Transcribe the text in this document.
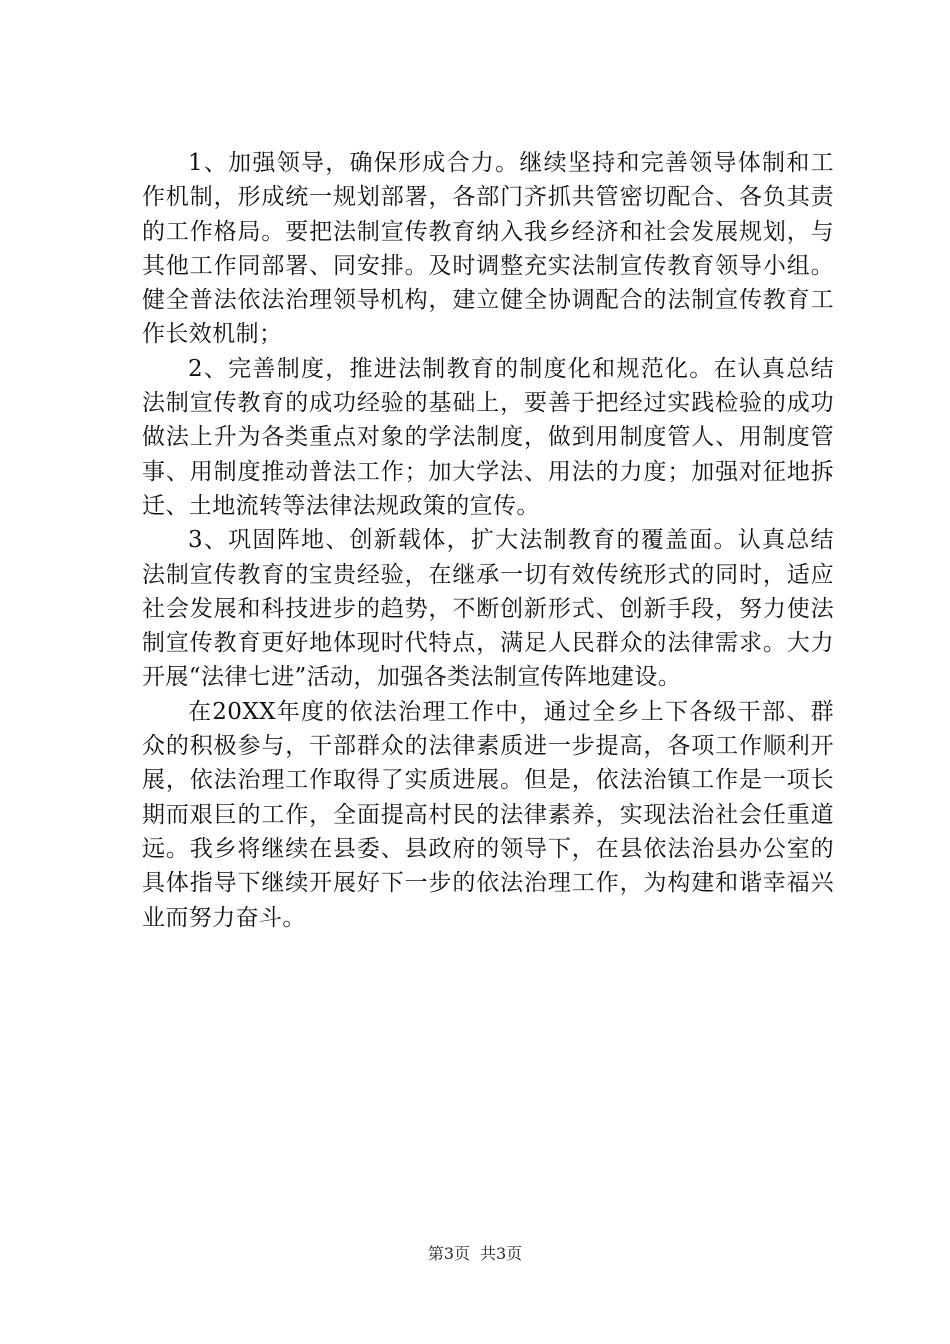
1、加强领导，确保形成合力。继续坚持和完善领导体制和工作机制，形成统一规划部署，各部门齐抓共管密切配合、各负其责的工作格局。要把法制宣传教育纳入我乡经济和社会发展规划，与其他工作同部署、同安排。及时调整充实法制宣传教育领导小组。健全普法依法治理领导机构，建立健全协调配合的法制宣传教育工作长效机制；

2、完善制度，推进法制教育的制度化和规范化。在认真总结法制宣传教育的成功经验的基础上，要善于把经过实践检验的成功做法上升为各类重点对象的学法制度，做到用制度管人、用制度管事、用制度推动普法工作；加大学法、用法的力度；加强对征地拆迁、土地流转等法律法规政策的宣传。

3、巩固阵地、创新载体，扩大法制教育的覆盖面。认真总结法制宣传教育的宝贵经验，在继承一切有效传统形式的同时，适应社会发展和科技进步的趋势，不断创新形式、创新手段，努力使法制宣传教育更好地体现时代特点，满足人民群众的法律需求。大力开展“法律七进”活动，加强各类法制宣传阵地建设。

在20XX年度的依法治理工作中，通过全乡上下各级干部、群众的积极参与，干部群众的法律素质进一步提高，各项工作顺利开展，依法治理工作取得了实质进展。但是，依法治镇工作是一项长期而艰巨的工作，全面提高村民的法律素养，实现法治社会任重道远。我乡将继续在县委、县政府的领导下，在县依法治县办公室的具体指导下继续开展好下一步的依法治理工作，为构建和谐幸福兴业而努力奋斗。

第3页 共3页
